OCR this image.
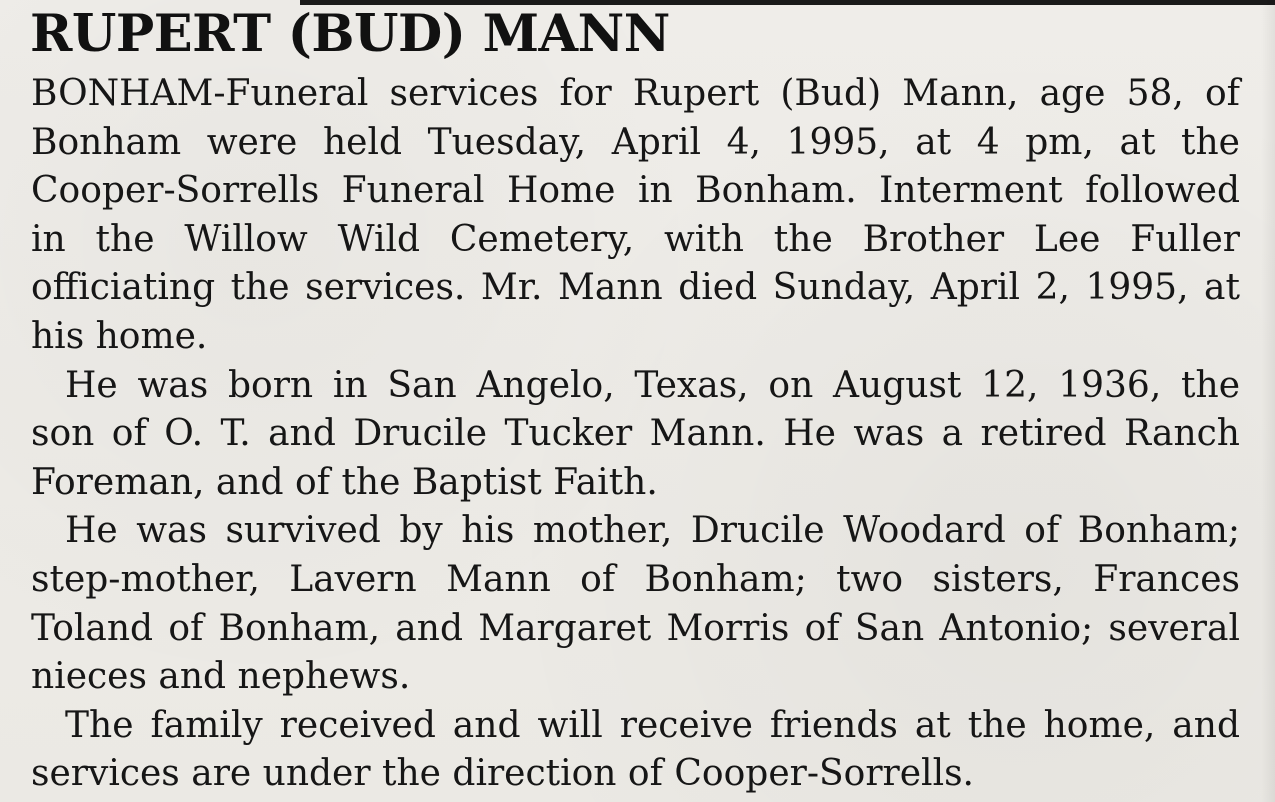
RUPERT (BUD) MANN

BONHAM-Funeral services for Rupert (Bud) Mann, age 58, of
Bonham were held Tuesday, April 4, 1995, at 4 pm, at the
Cooper-Sorrells Funeral Home in Bonham. Interment followed
in the Willow Wild Cemetery, with the Brother Lee Fuller
officiating the services. Mr. Mann died Sunday, April 2, 1995, at
his home.

He was born in San Angelo, Texas, on August 12, 1936, the
son of O. T. and Drucile Tucker Mann. He was a retired Ranch
Foreman, and of the Baptist Faith.

He was survived by his mother, Drucile Woodard of Bonham;
step-mother, Lavern Mann of Bonham; two sisters, Frances
Toland of Bonham, and Margaret Morris of San Antonio; several
nieces and nephews.

The family received and will receive friends at the home, and
services are under the direction of Cooper-Sorrells.
